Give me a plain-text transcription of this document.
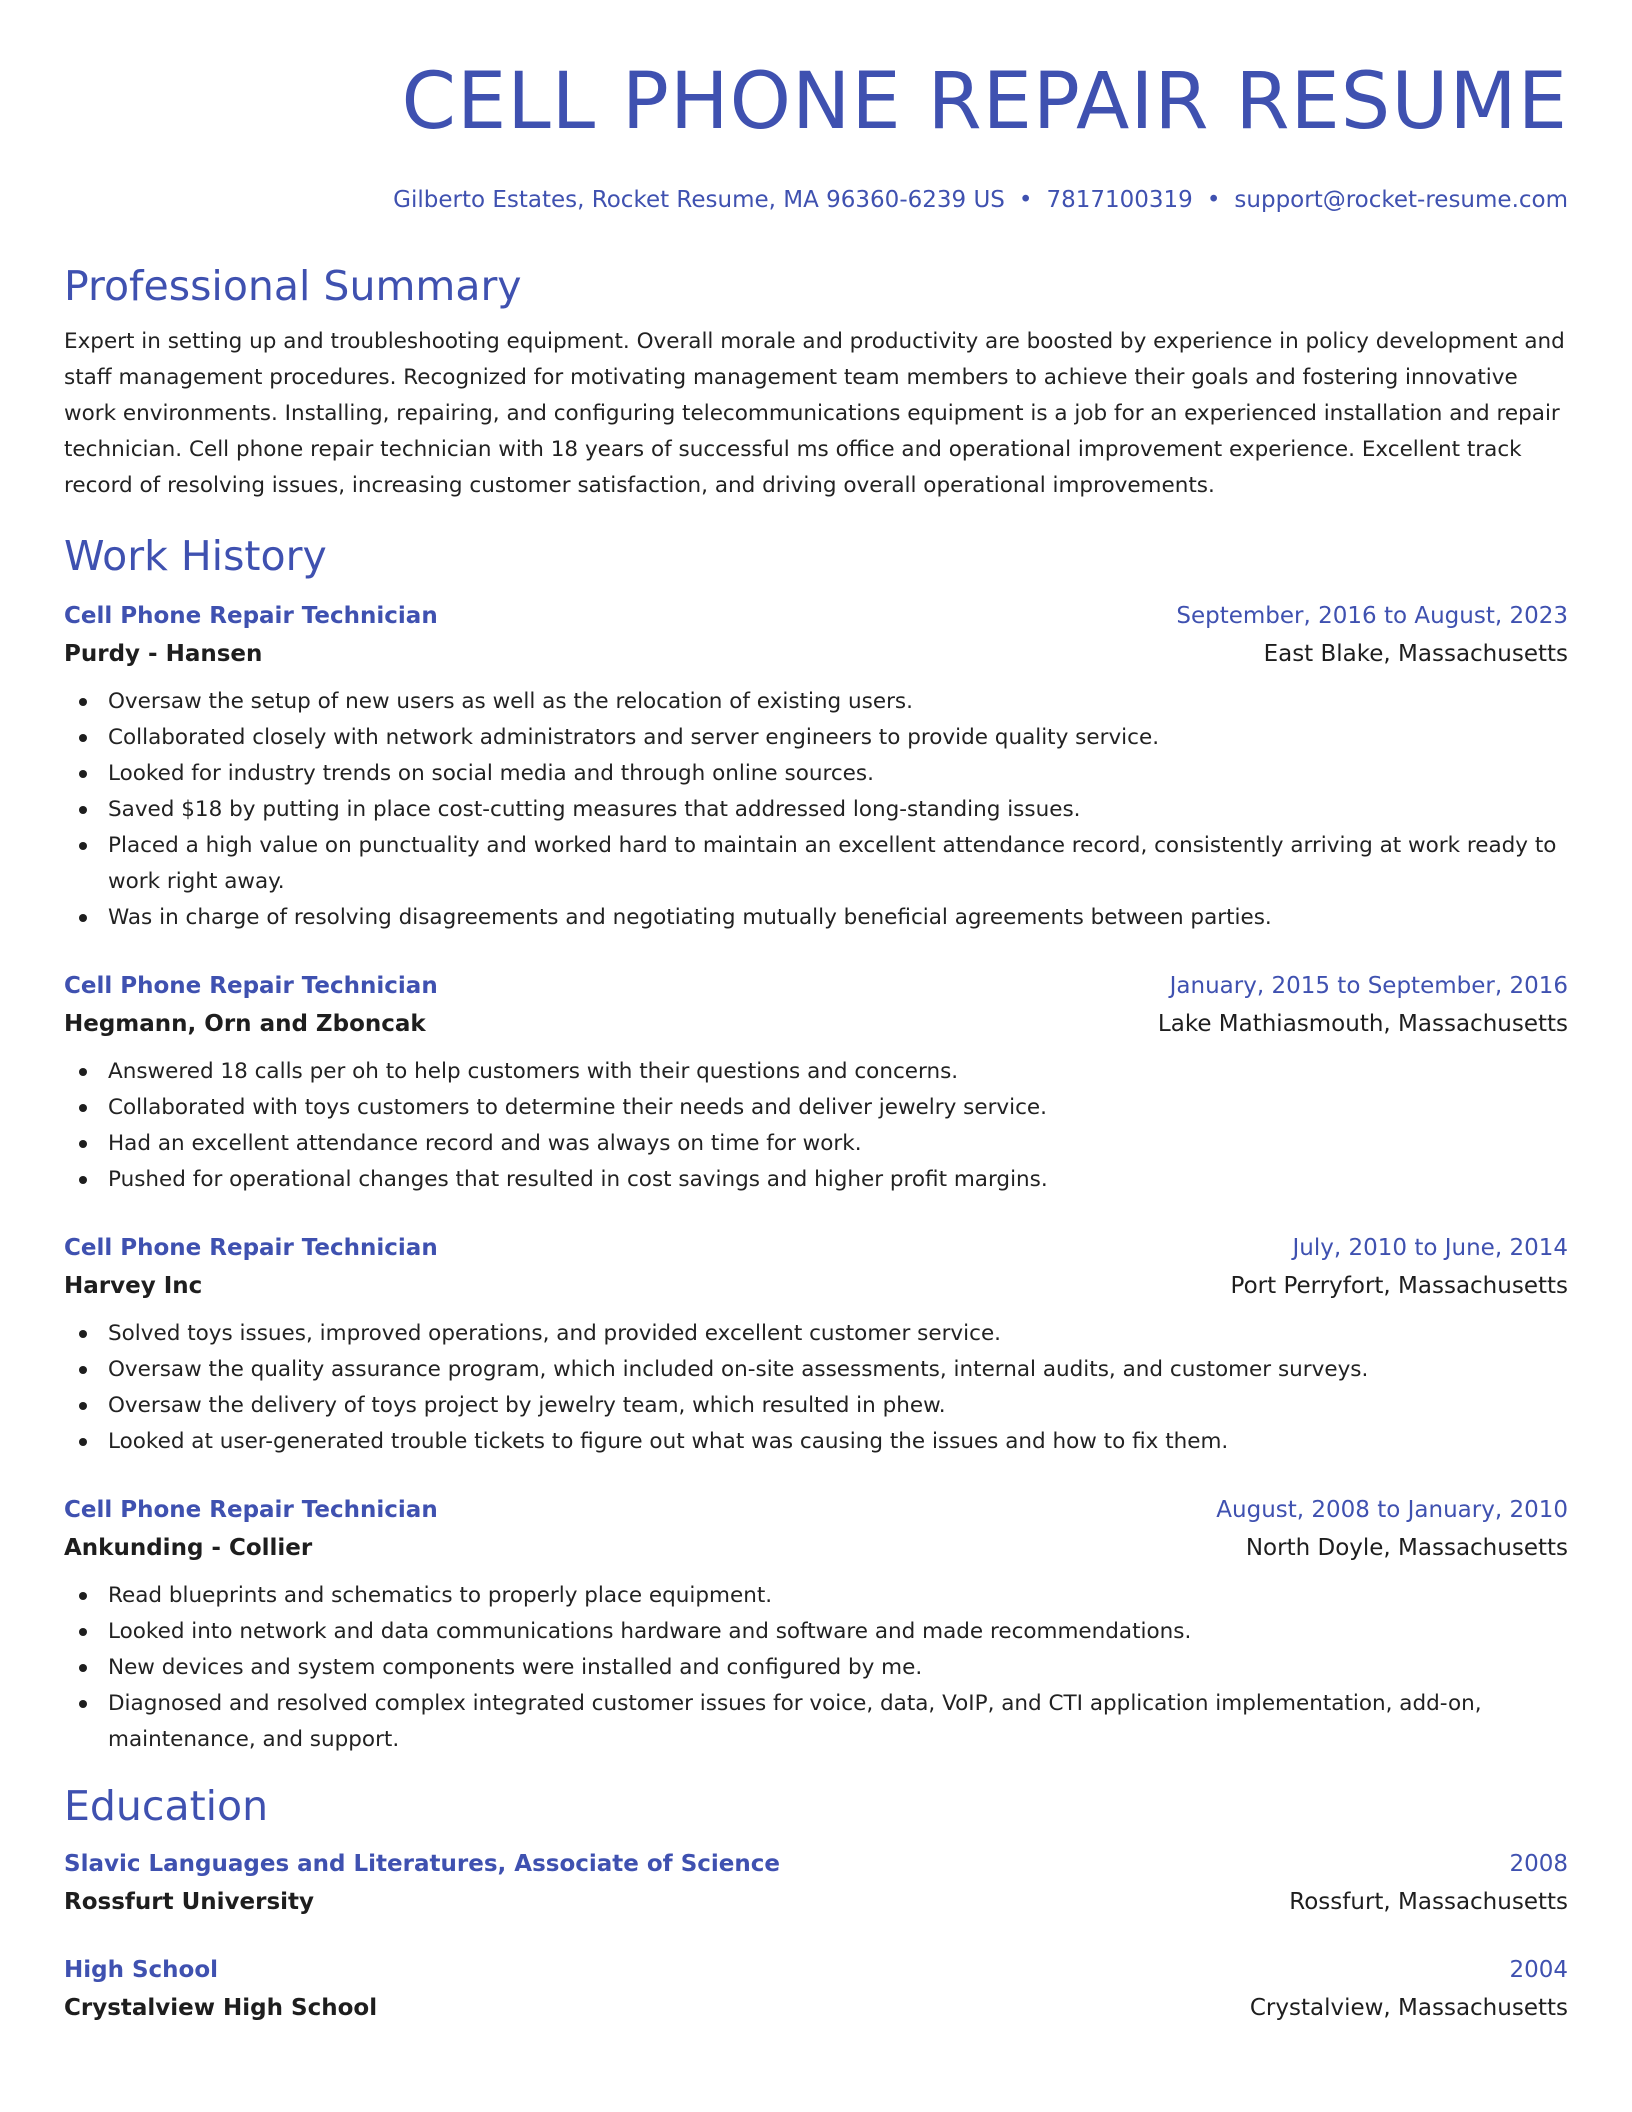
CELL PHONE REPAIR RESUME
Gilberto Estates, Rocket Resume, MA 96360-6239 US • 7817100319 • support@rocket-resume.com
Professional Summary

Expert in setting up and troubleshooting equipment. Overall morale and productivity are boosted by experience in policy development and staff management procedures. Recognized for motivating management team members to achieve their goals and fostering innovative work environments. Installing, repairing, and configuring telecommunications equipment is a job for an experienced installation and repair technician. Cell phone repair technician with 18 years of successful ms office and operational improvement experience. Excellent track record of resolving issues, increasing customer satisfaction, and driving overall operational improvements.

Work History
Cell Phone Repair Technician	September, 2016 to August, 2023
Purdy - Hansen	East Blake, Massachusetts
Oversaw the setup of new users as well as the relocation of existing users.
Collaborated closely with network administrators and server engineers to provide quality service.
Looked for industry trends on social media and through online sources.
Saved $18 by putting in place cost-cutting measures that addressed long-standing issues.
Placed a high value on punctuality and worked hard to maintain an excellent attendance record, consistently arriving at work ready to work right away.
Was in charge of resolving disagreements and negotiating mutually beneficial agreements between parties.
Cell Phone Repair Technician	January, 2015 to September, 2016
Hegmann, Orn and Zboncak	Lake Mathiasmouth, Massachusetts
Answered 18 calls per oh to help customers with their questions and concerns.
Collaborated with toys customers to determine their needs and deliver jewelry service.
Had an excellent attendance record and was always on time for work.
Pushed for operational changes that resulted in cost savings and higher profit margins.
Cell Phone Repair Technician	July, 2010 to June, 2014
Harvey Inc	Port Perryfort, Massachusetts
Solved toys issues, improved operations, and provided excellent customer service.
Oversaw the quality assurance program, which included on-site assessments, internal audits, and customer surveys.
Oversaw the delivery of toys project by jewelry team, which resulted in phew.
Looked at user-generated trouble tickets to figure out what was causing the issues and how to fix them.
Cell Phone Repair Technician	August, 2008 to January, 2010
Ankunding - Collier	North Doyle, Massachusetts
Read blueprints and schematics to properly place equipment.
Looked into network and data communications hardware and software and made recommendations.
New devices and system components were installed and configured by me.
Diagnosed and resolved complex integrated customer issues for voice, data, VoIP, and CTI application implementation, add-on, maintenance, and support.
Education
Slavic Languages and Literatures, Associate of Science	2008
Rossfurt University	Rossfurt, Massachusetts
High School	2004
Crystalview High School	Crystalview, Massachusetts
